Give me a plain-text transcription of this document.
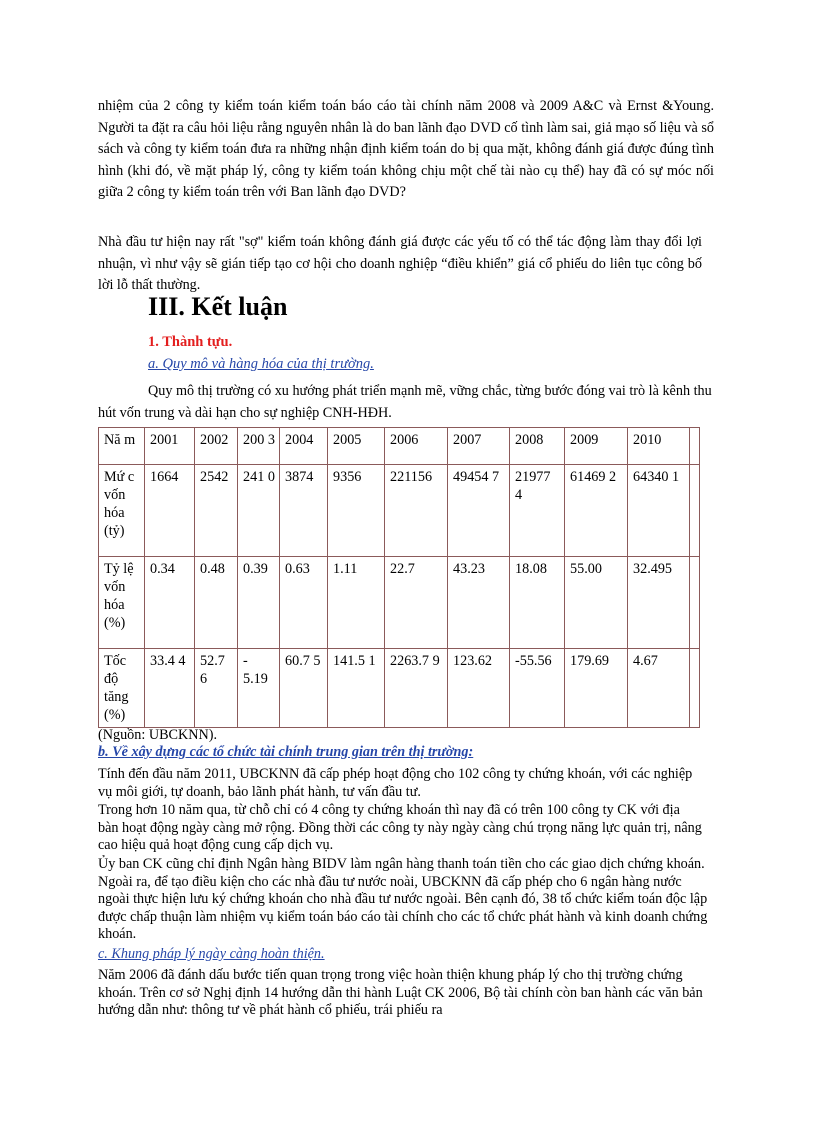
nhiệm của 2 công ty kiểm toán kiểm toán báo cáo tài chính năm 2008 và 2009 A&C và Ernst &Young. Người ta đặt ra câu hỏi liệu rằng nguyên nhân là do ban lãnh đạo DVD cố tình làm sai, giả mạo số liệu và sổ sách và công ty kiểm toán đưa ra những nhận định kiểm toán do bị qua mặt, không đánh giá được đúng tình hình (khi đó, về mặt pháp lý, công ty kiểm toán không chịu một chế tài nào cụ thể) hay đã có sự móc nối giữa 2 công ty kiểm toán trên với Ban lãnh đạo DVD?

Nhà đầu tư hiện nay rất "sợ" kiểm toán không đánh giá được các yếu tố có thể tác động làm thay đổi lợi nhuận, vì như vậy sẽ gián tiếp tạo cơ hội cho doanh nghiệp “điều khiển” giá cổ phiếu do liên tục công bố lời lỗ thất thường.

III. Kết luận

1. Thành tựu.

a. Quy mô và hàng hóa của thị trường.

Quy mô thị trường có xu hướng phát triển mạnh mẽ, vững chắc, từng bước đóng vai trò là kênh thu hút vốn trung và dài hạn cho sự nghiệp CNH-HĐH.

Nă m	2001	2002	200 3	2004	2005	2006	2007	2008	2009	2010	
Mứ c vốn hóa (tỷ)	1664	2542	241 0	3874	9356	221156	49454 7	21977 4	61469 2	64340 1	
Tỷ lệ vốn hóa (%)	0.34	0.48	0.39	0.63	1.11	22.7	43.23	18.08	55.00	32.495	
Tốc độ tăng (%)	33.4 4	52.7 6	- 5.19	60.7 5	141.5 1	2263.7 9	123.62	-55.56	179.69	4.67	

(Nguồn: UBCKNN).

b. Về xây dựng các tổ chức tài chính trung gian trên thị trường:

Tính đến đầu năm 2011, UBCKNN đã cấp phép hoạt động cho 102 công ty chứng khoán, với các nghiệp vụ môi giới, tự doanh, bảo lãnh phát hành, tư vấn đầu tư.

Trong hơn 10 năm qua, từ chỗ chỉ có 4 công ty chứng khoán thì nay đã có trên 100 công ty CK với địa bàn hoạt động ngày càng mở rộng. Đồng thời các công ty này ngày càng chú trọng năng lực quản trị, nâng cao hiệu quả hoạt động cung cấp dịch vụ.

Ủy ban CK cũng chỉ định Ngân hàng BIDV làm ngân hàng thanh toán tiền cho các giao dịch chứng khoán. Ngoài ra, để tạo điều kiện cho các nhà đầu tư nước noài, UBCKNN đã cấp phép cho 6 ngân hàng nước ngoài thực hiện lưu ký chứng khoán cho nhà đầu tư nước ngoài. Bên cạnh đó, 38 tổ chức kiểm toán độc lập được chấp thuận làm nhiệm vụ kiểm toán báo cáo tài chính cho các tổ chức phát hành và kinh doanh chứng khoán.

c. Khung pháp lý ngày càng hoàn thiện.

Năm 2006 đã đánh dấu bước tiến quan trọng trong việc hoàn thiện khung pháp lý cho thị trường chứng khoán. Trên cơ sở Nghị định 14 hướng dẫn thi hành Luật CK 2006, Bộ tài chính còn ban hành các văn bản hướng dẫn như: thông tư về phát hành cổ phiếu, trái phiếu ra
